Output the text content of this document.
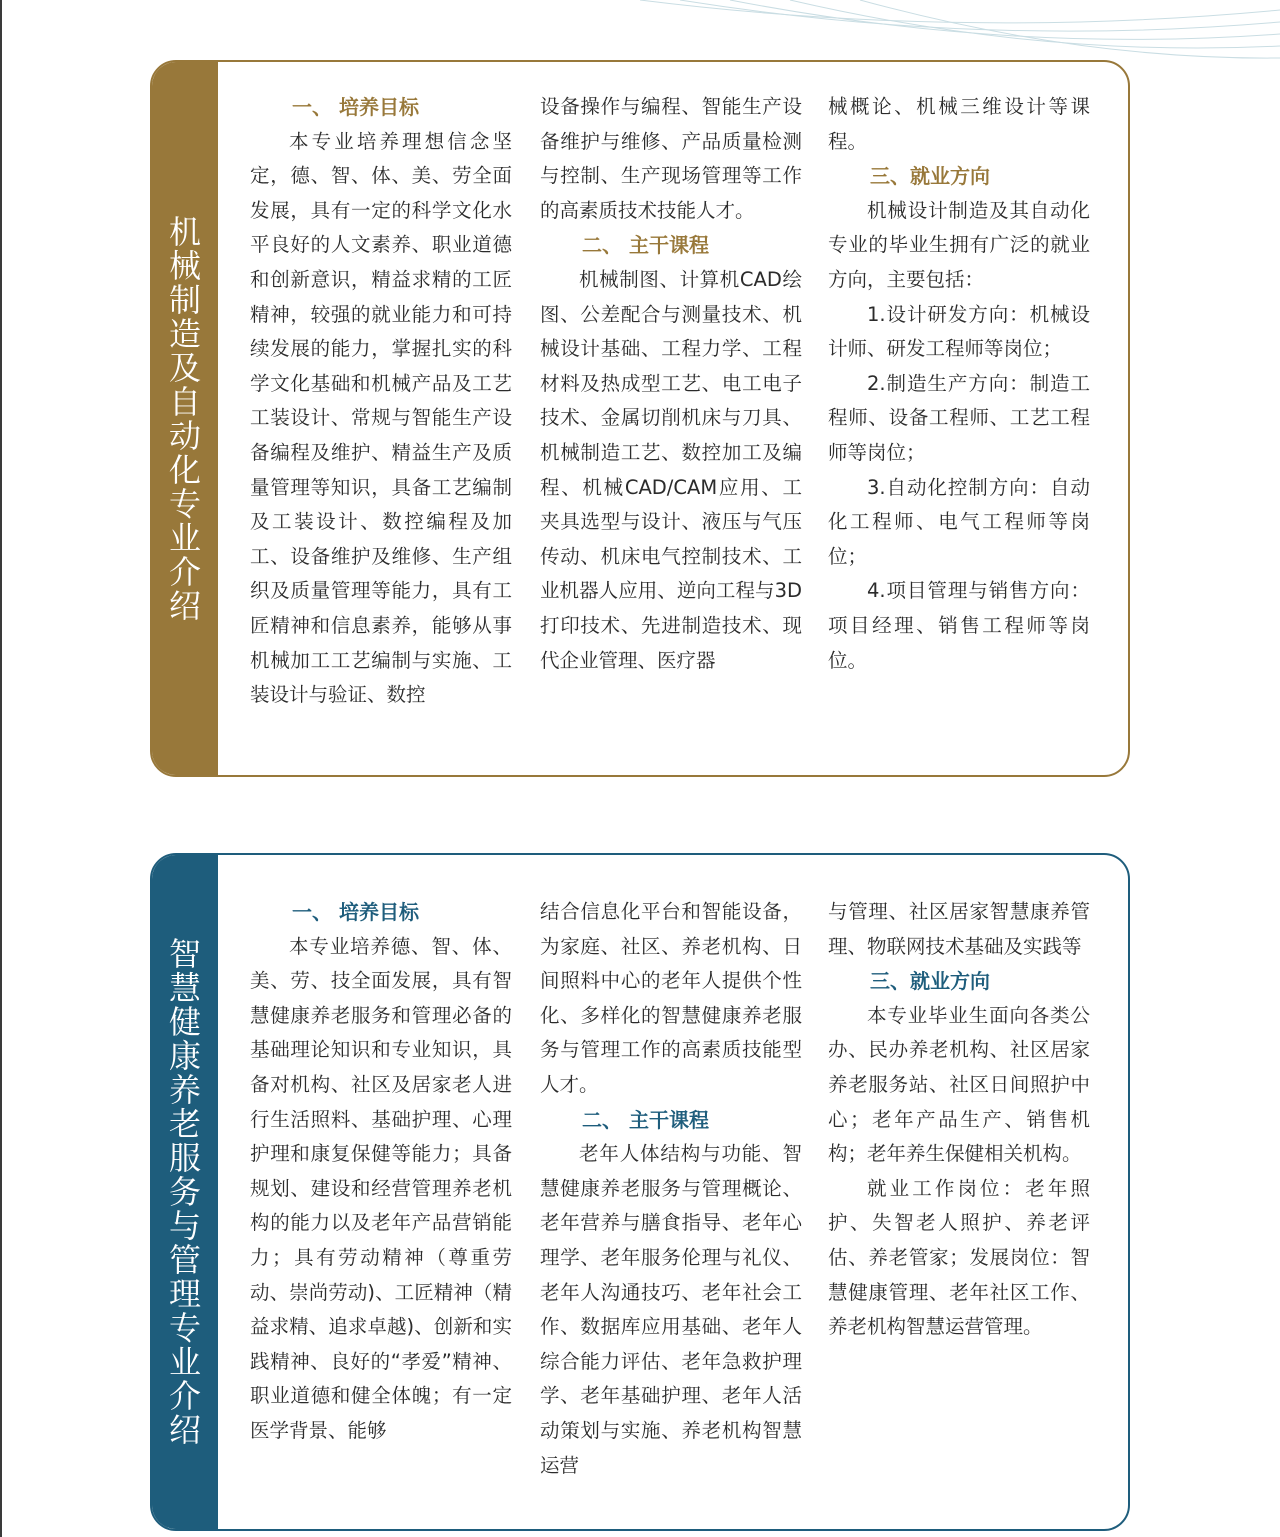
机械制造及自动化专业介绍
一、 培养目标

本专业培养理想信念坚定，德、智、体、美、劳全面发展，具有一定的科学文化水平良好的人文素养、职业道德和创新意识，精益求精的工匠精神，较强的就业能力和可持续发展的能力，掌握扎实的科学文化基础和机械产品及工艺工装设计、常规与智能生产设备编程及维护、精益生产及质量管理等知识，具备工艺编制及工装设计、数控编程及加工、设备维护及维修、生产组织及质量管理等能力，具有工匠精神和信息素养，能够从事机械加工工艺编制与实施、工装设计与验证、数控

设备操作与编程、智能生产设备维护与维修、产品质量检测与控制、生产现场管理等工作的高素质技术技能人才。

二、 主干课程

机械制图、计算机CAD绘图、公差配合与测量技术、机械设计基础、工程力学、工程材料及热成型工艺、电工电子技术、金属切削机床与刀具、机械制造工艺、数控加工及编程、机械CAD/CAM应用、工夹具选型与设计、液压与气压传动、机床电气控制技术、工业机器人应用、逆向工程与3D打印技术、先进制造技术、现代企业管理、医疗器

械概论、机械三维设计等课程。

三、就业方向

机械设计制造及其自动化专业的毕业生拥有广泛的就业方向，主要包括：

1.设计研发方向：机械设计师、研发工程师等岗位；

2.制造生产方向：制造工程师、设备工程师、工艺工程师等岗位；

3.自动化控制方向：自动化工程师、电气工程师等岗位；

4.项目管理与销售方向：项目经理、销售工程师等岗位。

智慧健康养老服务与管理专业介绍
一、 培养目标

本专业培养德、智、体、美、劳、技全面发展，具有智慧健康养老服务和管理必备的基础理论知识和专业知识，具备对机构、社区及居家老人进行生活照料、基础护理、心理护理和康复保健等能力；具备规划、建设和经营管理养老机构的能力以及老年产品营销能力；具有劳动精神（尊重劳动、崇尚劳动)、工匠精神（精益求精、追求卓越)、创新和实践精神、良好的“孝爱”精神、职业道德和健全体魄；有一定医学背景、能够

结合信息化平台和智能设备，为家庭、社区、养老机构、日间照料中心的老年人提供个性化、多样化的智慧健康养老服务与管理工作的高素质技能型人才。

二、 主干课程

老年人体结构与功能、智慧健康养老服务与管理概论、老年营养与膳食指导、老年心理学、老年服务伦理与礼仪、老年人沟通技巧、老年社会工作、数据库应用基础、老年人综合能力评估、老年急救护理学、老年基础护理、老年人活动策划与实施、养老机构智慧运营

与管理、社区居家智慧康养管理、物联网技术基础及实践等

三、就业方向

本专业毕业生面向各类公办、民办养老机构、社区居家养老服务站、社区日间照护中心；老年产品生产、销售机构；老年养生保健相关机构。

就业工作岗位：老年照护、失智老人照护、养老评估、养老管家；发展岗位：智慧健康管理、老年社区工作、养老机构智慧运营管理。
